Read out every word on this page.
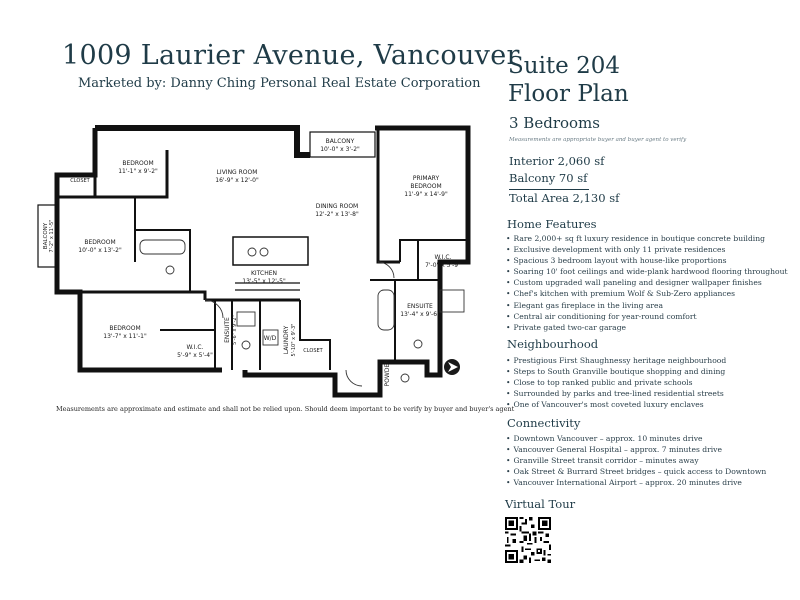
1009 Laurier Avenue, Vancouver
Marketed by: Danny Ching Personal Real Estate Corporation
Suite 204
Floor Plan
3 Bedrooms
Measurements are appropriate buyer and buyer agent to verify
Interior 2,060 sf
Balcony 70 sf
Total Area 2,130 sf
Home Features
• Rare 2,000+ sq ft luxury residence in boutique concrete building
• Exclusive development with only 11 private residences
• Spacious 3 bedroom layout with house-like proportions
• Soaring 10' foot ceilings and wide-plank hardwood flooring throughout
• Custom upgraded wall paneling and designer wallpaper finishes
• Chef's kitchen with premium Wolf & Sub-Zero appliances
• Elegant gas fireplace in the living area
• Central air conditioning for year-round comfort
• Private gated two-car garage
Neighbourhood
• Prestigious First Shaughnessy heritage neighbourhood
• Steps to South Granville boutique shopping and dining
• Close to top ranked public and private schools
• Surrounded by parks and tree-lined residential streets
• One of Vancouver's most coveted luxury enclaves
Connectivity
• Downtown Vancouver – approx. 10 minutes drive
• Vancouver General Hospital – approx. 7 minutes drive
• Granville Street transit corridor – minutes away
• Oak Street & Burrard Street bridges – quick access to Downtown
• Vancouver International Airport – approx. 20 minutes drive
Virtual Tour
BEDROOM
11'-1" x 9'-2"
CLOSET
BALCONY 7'-2" x 11'-5"	BEDROOM
10'-0" x 13'-2"
LIVING ROOM
16'-9" x 12'-0"
BALCONY
10'-0" x 3'-2"
DINING ROOM
12'-2" x 13'-8"
PRIMARY
BEDROOM
11'-9" x 14'-9"
W.I.C.
7'-0" x 5'-9"
KITCHEN
13'-5" x 12'-5"
ENSUITE
13'-4" x 9'-6"
BEDROOM
13'-7" x 11'-1"
W.I.C.
5'-9" x 5'-4"
ENSUITE 5'-6" x 9'-2"	W/D LAUNDRY 5'-10" x 9'-3" CLOSET
POWDER
Measurements are approximate and estimate and shall not be relied upon. Should deem important to be verify by buyer and buyer's agent
